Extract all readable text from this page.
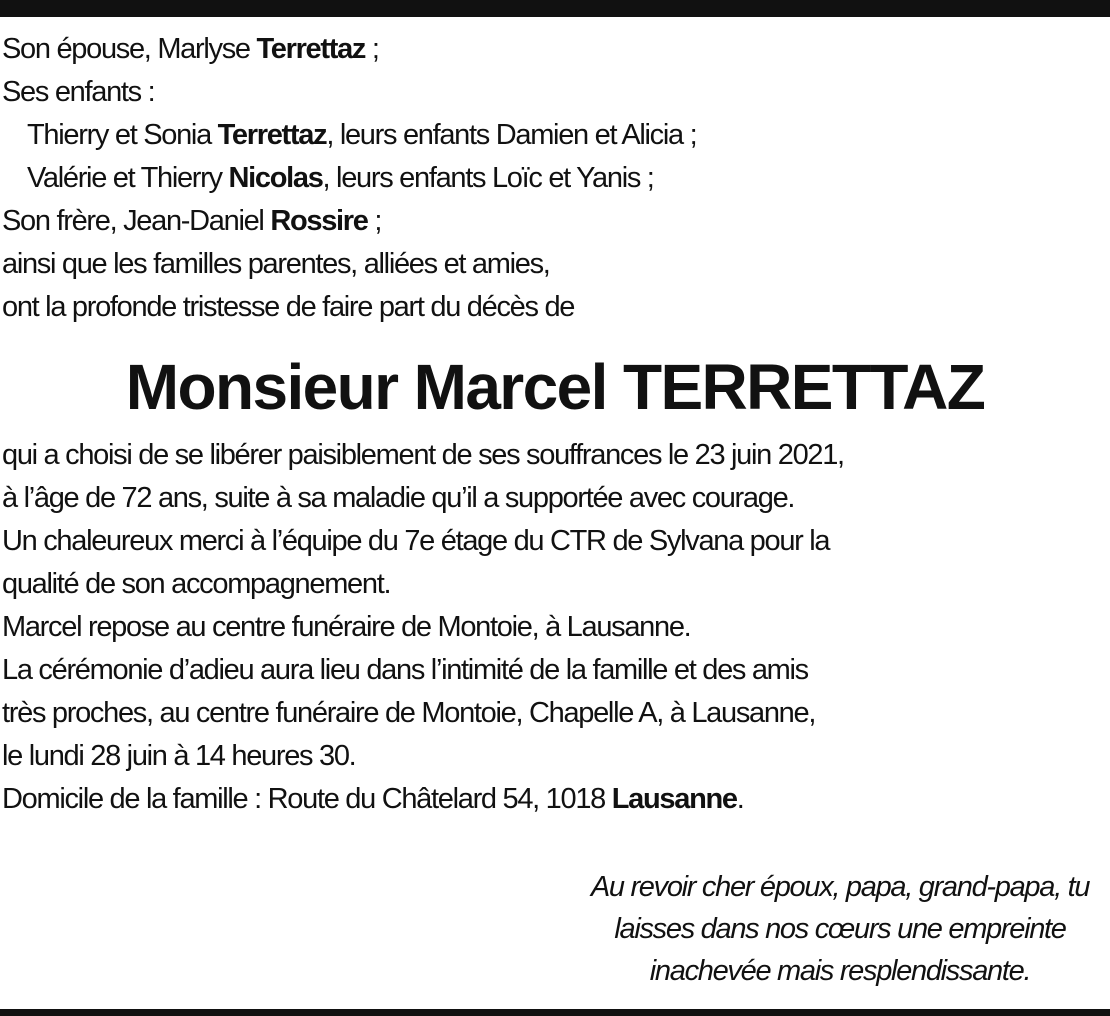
Son épouse, Marlyse Terrettaz ;
Ses enfants :
Thierry et Sonia Terrettaz, leurs enfants Damien et Alicia ;
Valérie et Thierry Nicolas, leurs enfants Loïc et Yanis ;
Son frère, Jean-Daniel Rossire ;
ainsi que les familles parentes, alliées et amies,
ont la profonde tristesse de faire part du décès de
Monsieur Marcel TERRETTAZ
qui a choisi de se libérer paisiblement de ses souffrances le 23 juin 2021,
à l’âge de 72 ans, suite à sa maladie qu’il a supportée avec courage.
Un chaleureux merci à l’équipe du 7e étage du CTR de Sylvana pour la
qualité de son accompagnement.
Marcel repose au centre funéraire de Montoie, à Lausanne.
La cérémonie d’adieu aura lieu dans l’intimité de la famille et des amis
très proches, au centre funéraire de Montoie, Chapelle A, à Lausanne,
le lundi 28 juin à 14 heures 30.
Domicile de la famille : Route du Châtelard 54, 1018 Lausanne.
Au revoir cher époux, papa, grand-papa, tu
laisses dans nos cœurs une empreinte
inachevée mais resplendissante.
